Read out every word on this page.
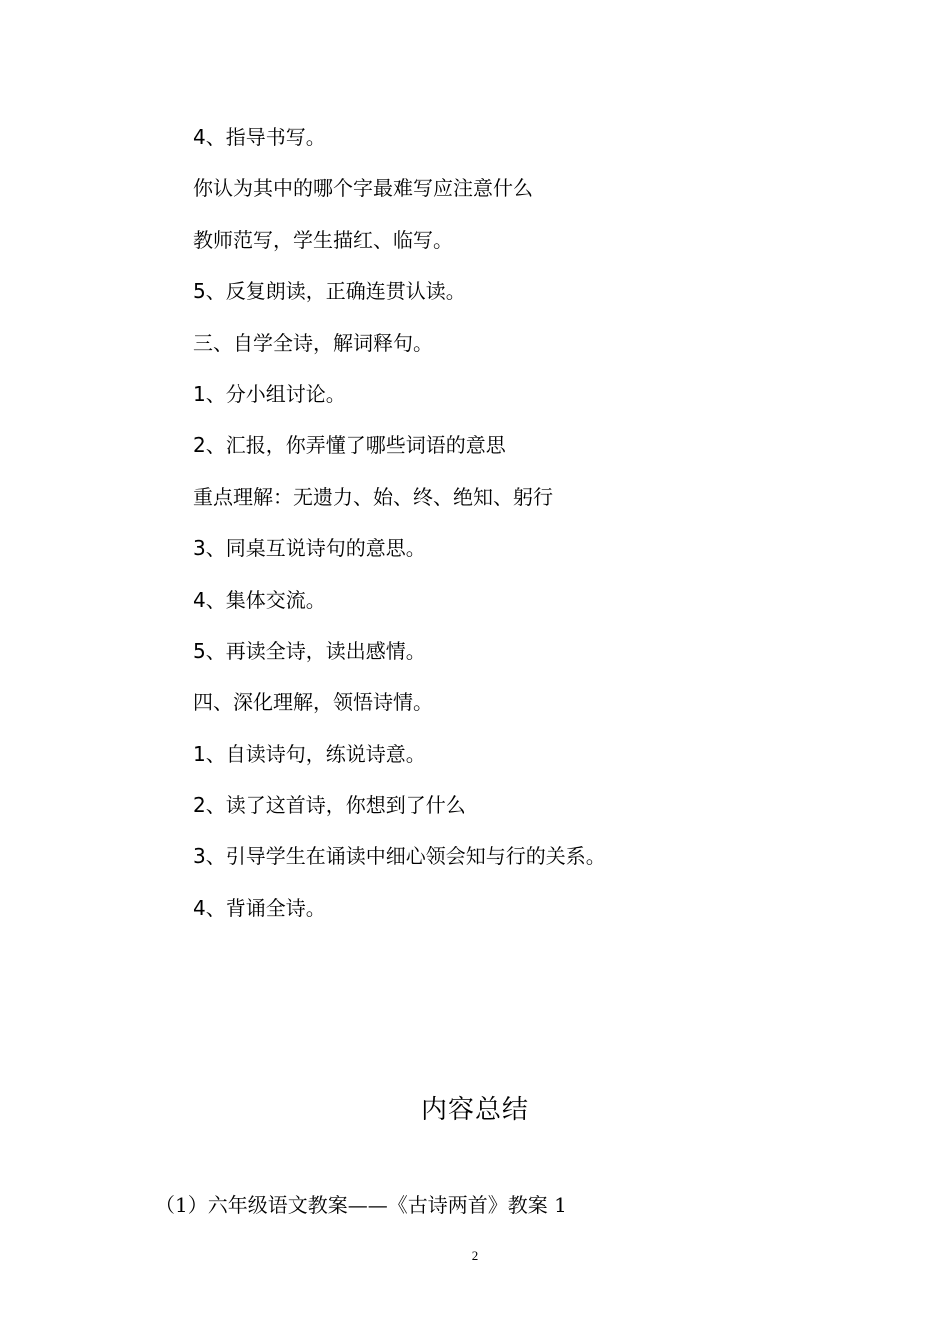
4、指导书写。
你认为其中的哪个字最难写应注意什么
教师范写，学生描红、临写。
5、反复朗读，正确连贯认读。
三、自学全诗，解词释句。
1、分小组讨论。
2、汇报，你弄懂了哪些词语的意思
重点理解：无遗力、始、终、绝知、躬行
3、同桌互说诗句的意思。
4、集体交流。
5、再读全诗，读出感情。
四、深化理解，领悟诗情。
1、自读诗句，练说诗意。
2、读了这首诗，你想到了什么
3、引导学生在诵读中细心领会知与行的关系。
4、背诵全诗。
内容总结
（1）六年级语文教案——《古诗两首》教案 1
2
